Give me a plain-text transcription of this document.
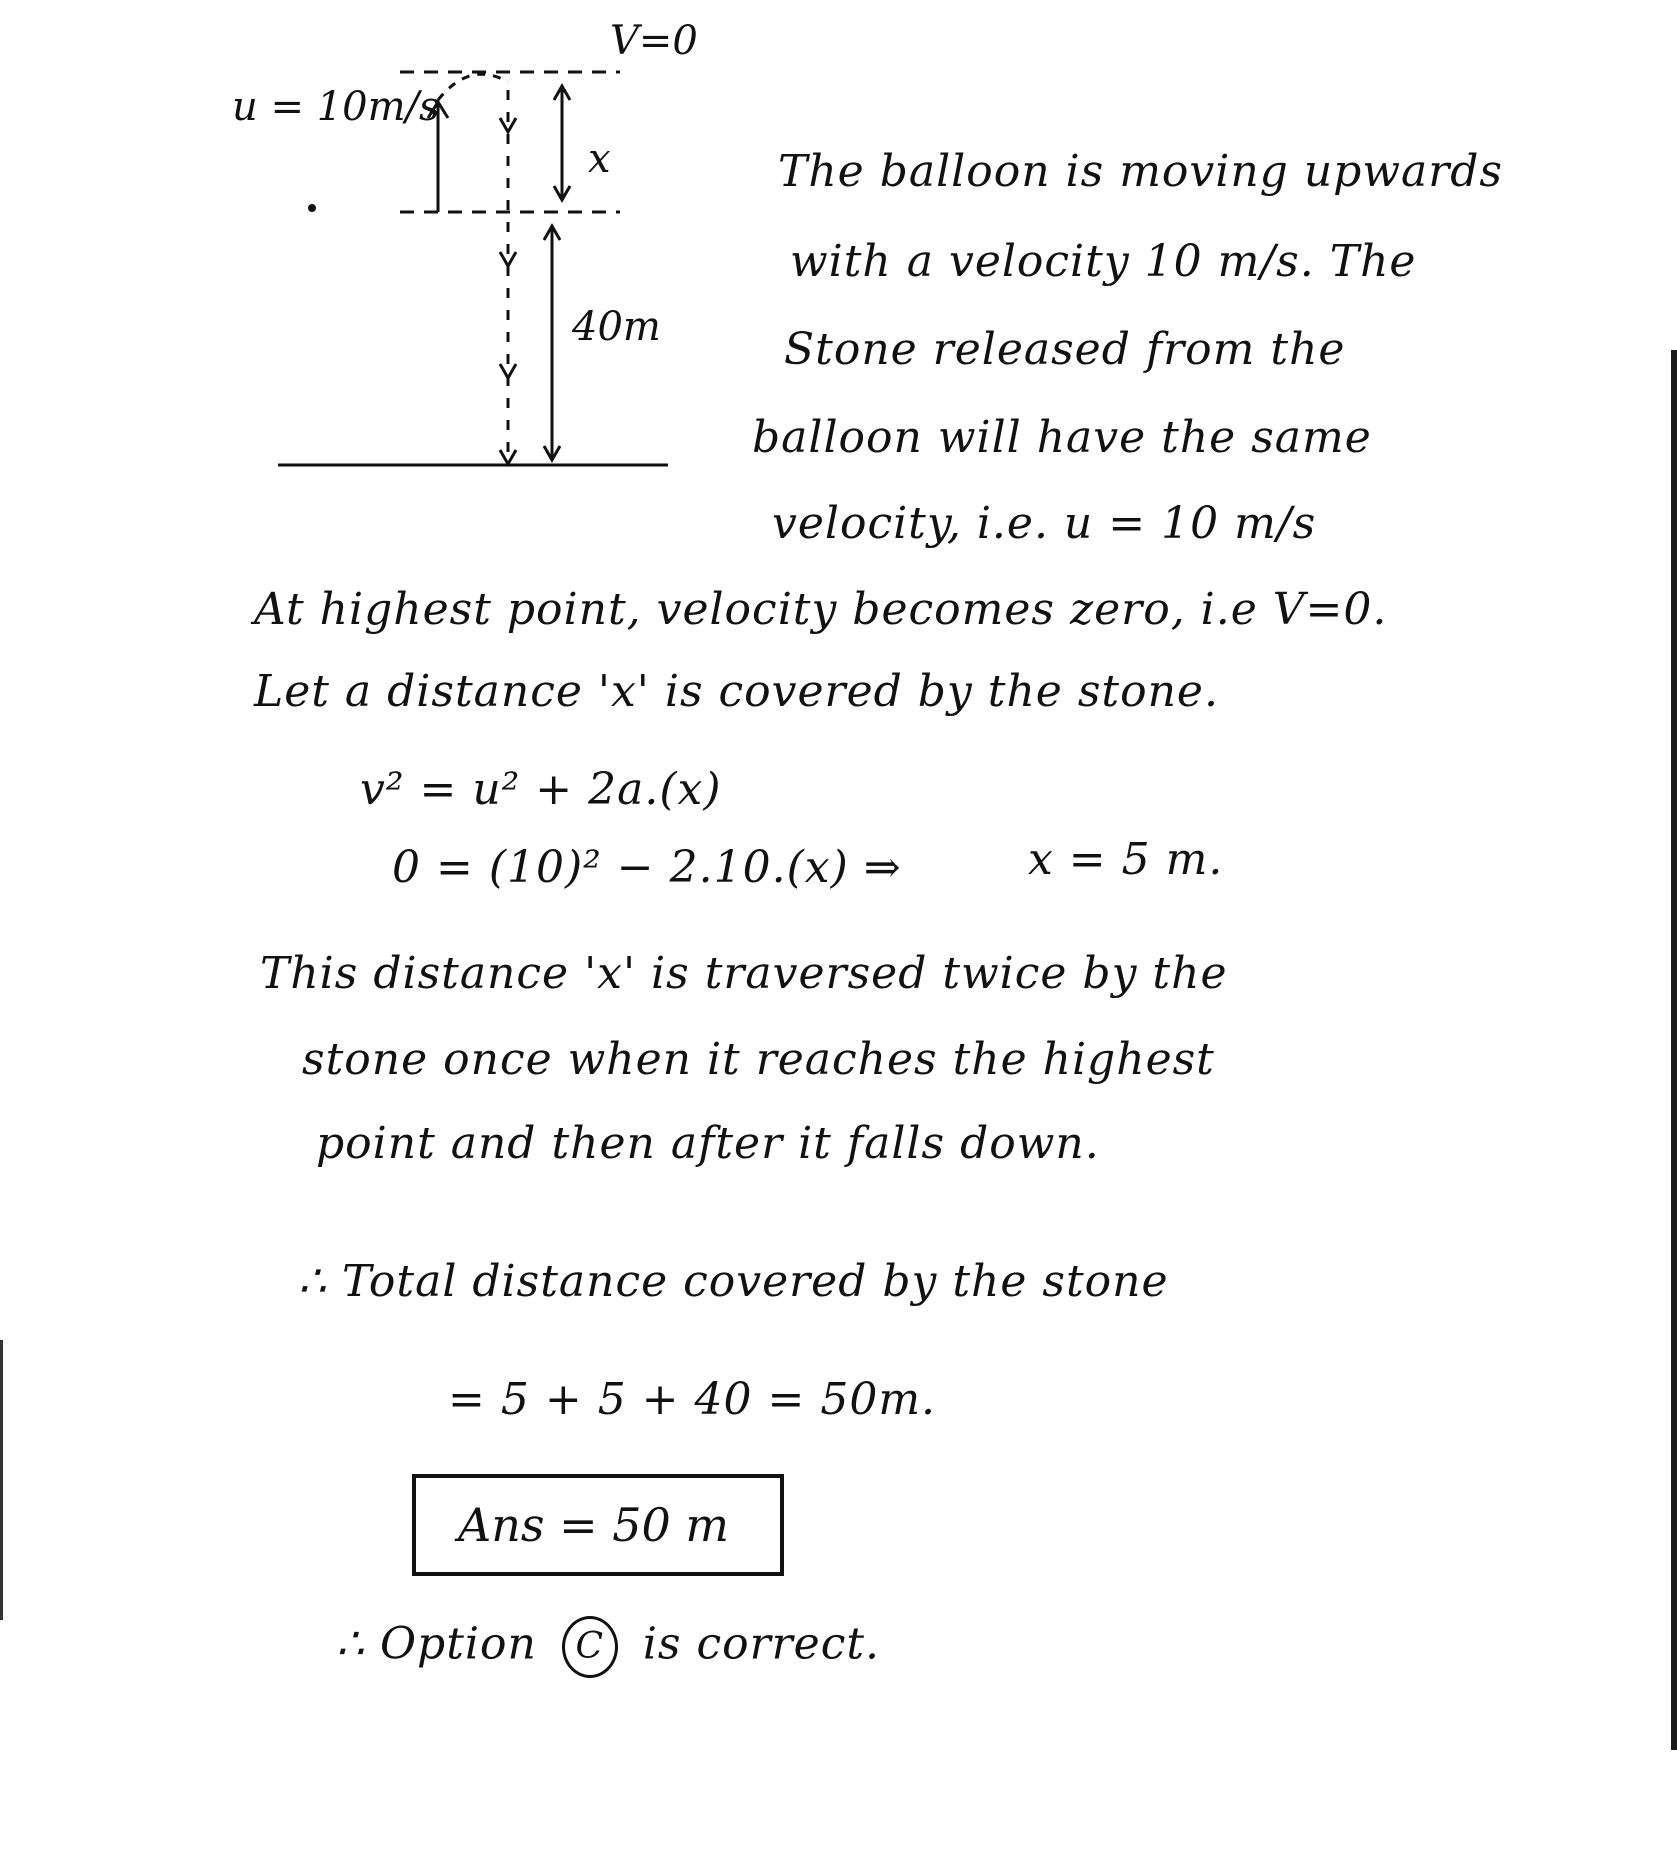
V=0
u = 10m/s
x
40m
The balloon is moving upwards
with a velocity 10 m/s. The
Stone released from the
balloon will have the same
velocity, i.e. u = 10 m/s
At highest point, velocity becomes zero, i.e V=0.
Let a distance 'x' is covered by the stone.
v² = u² + 2a.(x)
0 = (10)² − 2.10.(x) ⇒	x = 5 m.
This distance 'x' is traversed twice by the
stone once when it reaches the highest
point and then after it falls down.
∴ Total distance covered by the stone
= 5 + 5 + 40 = 50m.
Ans = 50 m
∴ Option C is correct.
